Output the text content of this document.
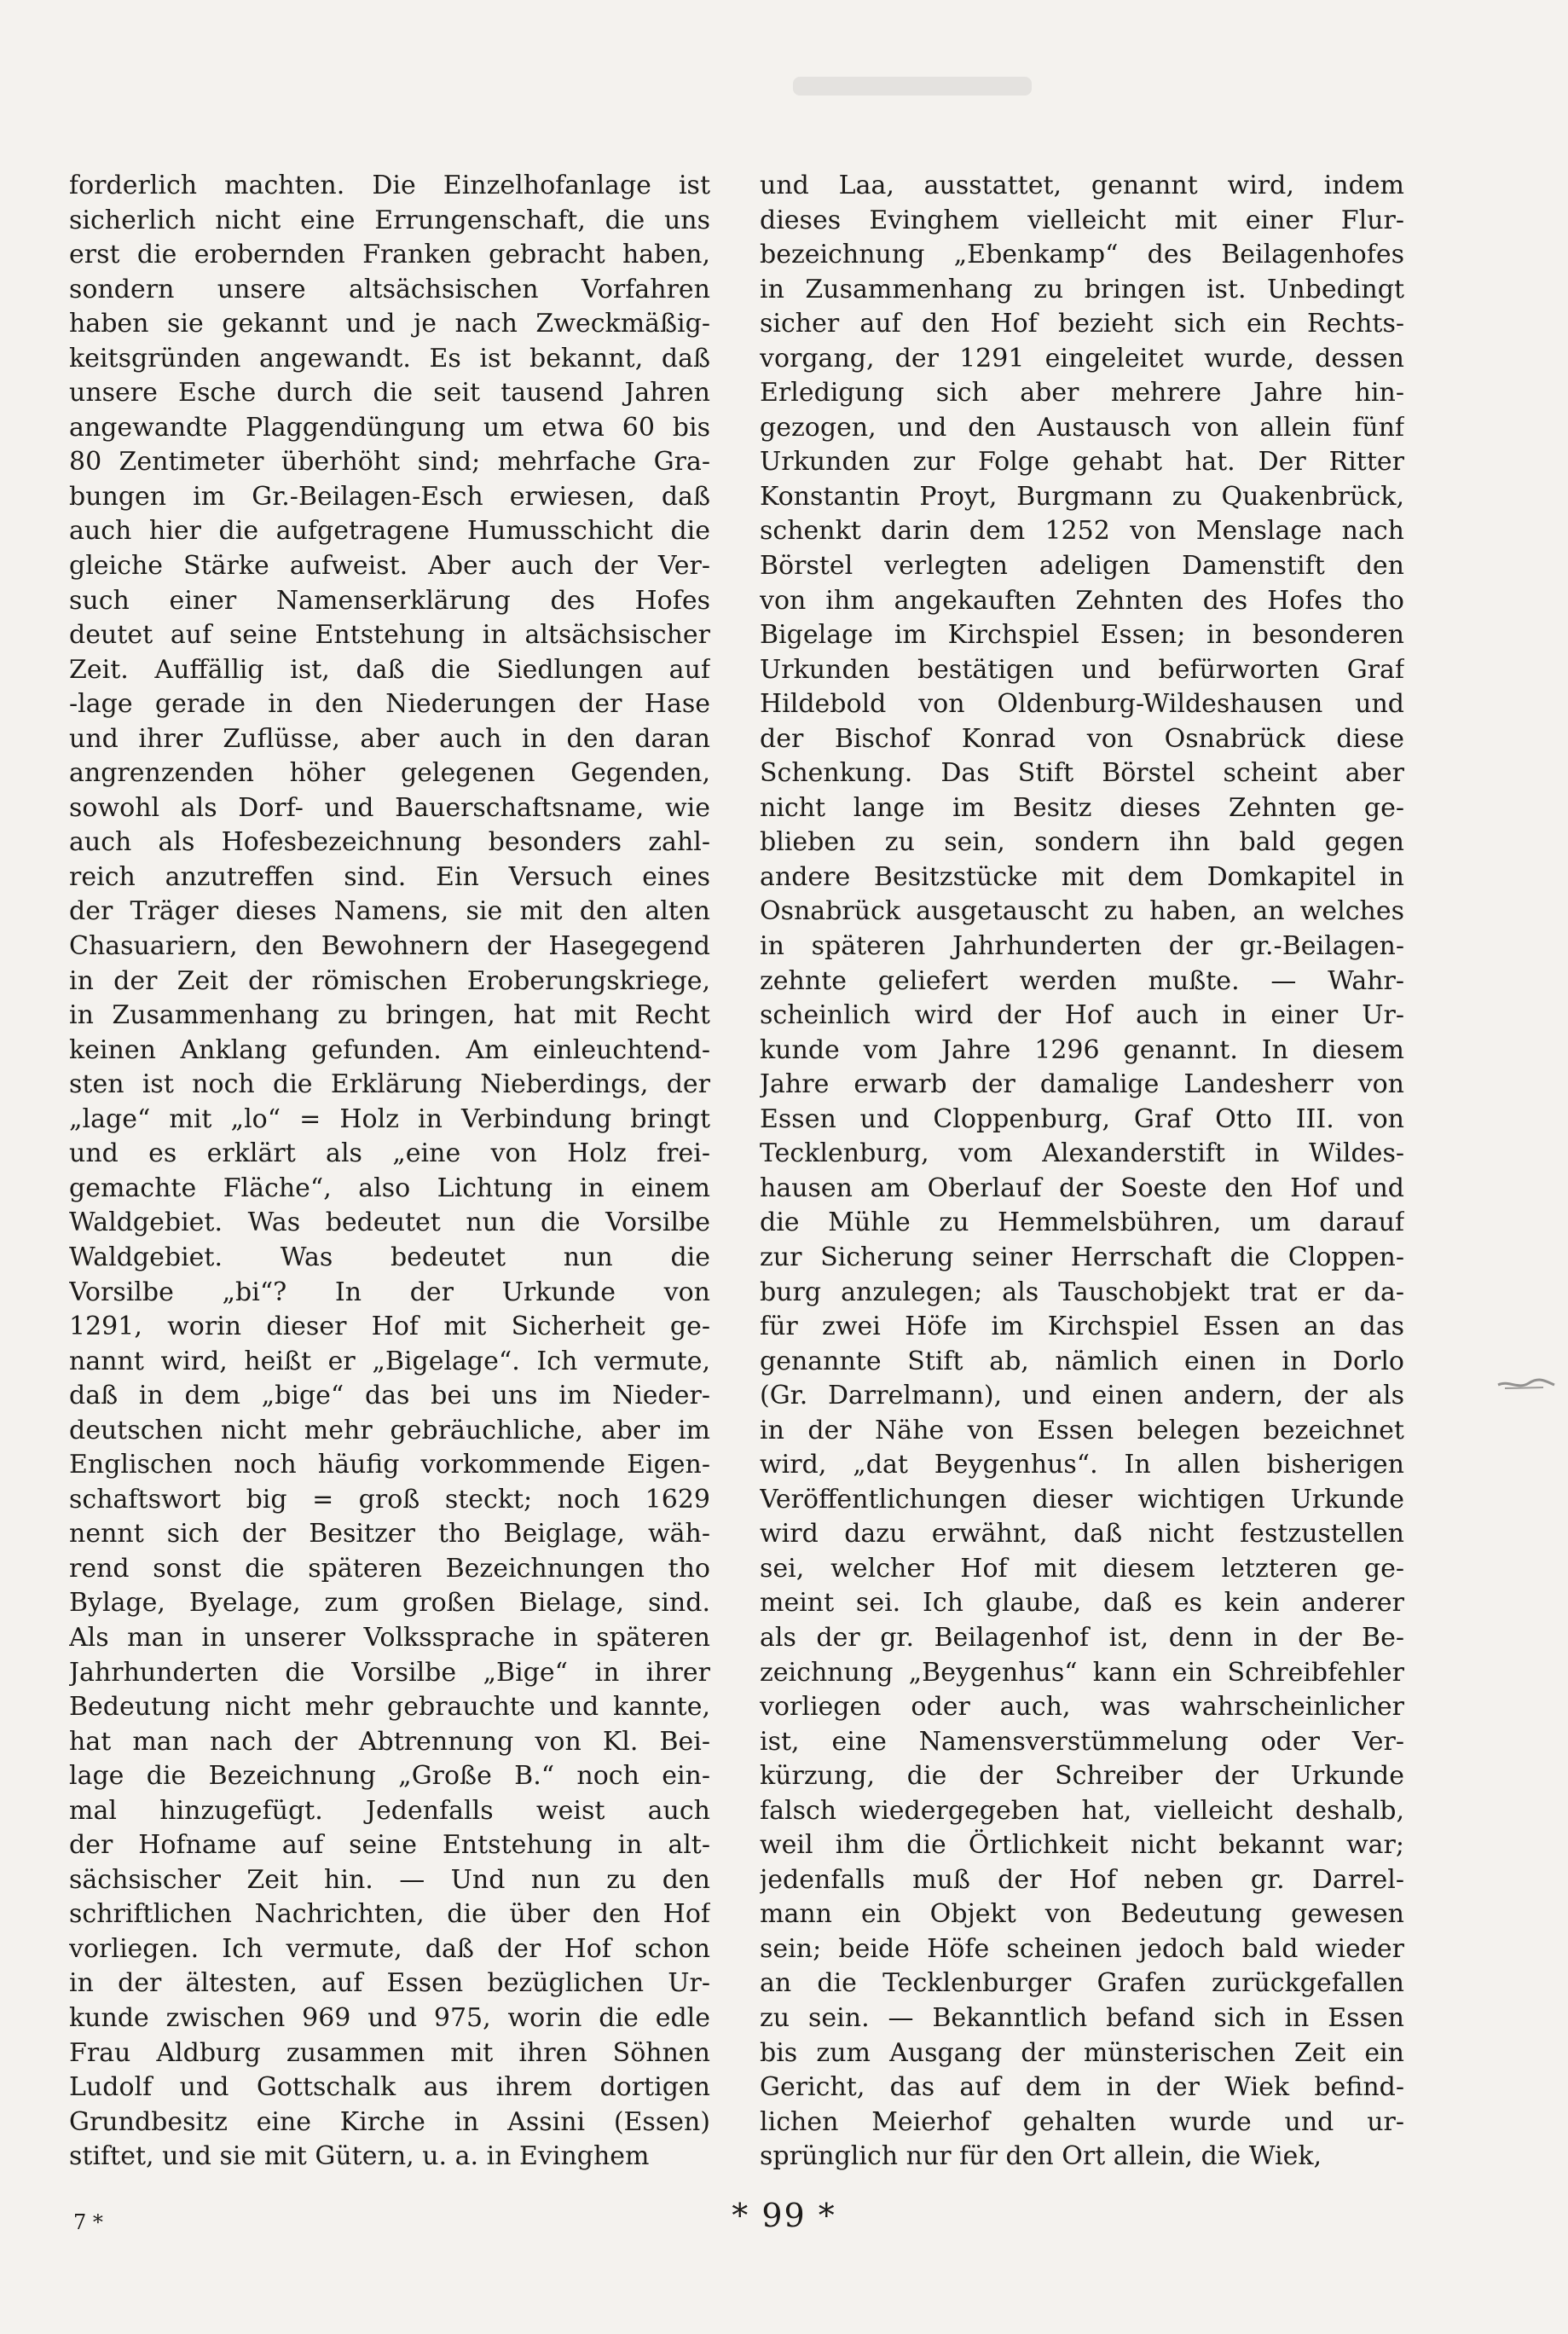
forderlich machten. Die Einzelhofanlage ist
sicherlich nicht eine Errungenschaft, die uns
erst die erobernden Franken gebracht haben,
sondern unsere altsächsischen Vorfahren
haben sie gekannt und je nach Zweckmäßig-
keitsgründen angewandt. Es ist bekannt, daß
unsere Esche durch die seit tausend Jahren
angewandte Plaggendüngung um etwa 60 bis
80 Zentimeter überhöht sind; mehrfache Gra-
bungen im Gr.-Beilagen-Esch erwiesen, daß
auch hier die aufgetragene Humusschicht die
gleiche Stärke aufweist. Aber auch der Ver-
such einer Namenserklärung des Hofes
deutet auf seine Entstehung in altsächsischer
Zeit. Auffällig ist, daß die Siedlungen auf
-lage gerade in den Niederungen der Hase
und ihrer Zuflüsse, aber auch in den daran
angrenzenden höher gelegenen Gegenden,
sowohl als Dorf- und Bauerschaftsname, wie
auch als Hofesbezeichnung besonders zahl-
reich anzutreffen sind. Ein Versuch eines
der Träger dieses Namens, sie mit den alten
Chasuariern, den Bewohnern der Hasegegend
in der Zeit der römischen Eroberungskriege,
in Zusammenhang zu bringen, hat mit Recht
keinen Anklang gefunden. Am einleuchtend-
sten ist noch die Erklärung Nieberdings, der
„lage“ mit „lo“ = Holz in Verbindung bringt
und es erklärt als „eine von Holz frei-
gemachte Fläche“, also Lichtung in einem
Waldgebiet. Was bedeutet nun die Vorsilbe
Waldgebiet. Was bedeutet nun die
Vorsilbe „bi“? In der Urkunde von
1291, worin dieser Hof mit Sicherheit ge-
nannt wird, heißt er „Bigelage“. Ich vermute,
daß in dem „bige“ das bei uns im Nieder-
deutschen nicht mehr gebräuchliche, aber im
Englischen noch häufig vorkommende Eigen-
schaftswort big = groß steckt; noch 1629
nennt sich der Besitzer tho Beiglage, wäh-
rend sonst die späteren Bezeichnungen tho
Bylage, Byelage, zum großen Bielage, sind.
Als man in unserer Volkssprache in späteren
Jahrhunderten die Vorsilbe „Bige“ in ihrer
Bedeutung nicht mehr gebrauchte und kannte,
hat man nach der Abtrennung von Kl. Bei-
lage die Bezeichnung „Große B.“ noch ein-
mal hinzugefügt. Jedenfalls weist auch
der Hofname auf seine Entstehung in alt-
sächsischer Zeit hin. — Und nun zu den
schriftlichen Nachrichten, die über den Hof
vorliegen. Ich vermute, daß der Hof schon
in der ältesten, auf Essen bezüglichen Ur-
kunde zwischen 969 und 975, worin die edle
Frau Aldburg zusammen mit ihren Söhnen
Ludolf und Gottschalk aus ihrem dortigen
Grundbesitz eine Kirche in Assini (Essen)
stiftet, und sie mit Gütern, u. a. in Evinghem
und Laa, ausstattet, genannt wird, indem
dieses Evinghem vielleicht mit einer Flur-
bezeichnung „Ebenkamp“ des Beilagenhofes
in Zusammenhang zu bringen ist. Unbedingt
sicher auf den Hof bezieht sich ein Rechts-
vorgang, der 1291 eingeleitet wurde, dessen
Erledigung sich aber mehrere Jahre hin-
gezogen, und den Austausch von allein fünf
Urkunden zur Folge gehabt hat. Der Ritter
Konstantin Proyt, Burgmann zu Quakenbrück,
schenkt darin dem 1252 von Menslage nach
Börstel verlegten adeligen Damenstift den
von ihm angekauften Zehnten des Hofes tho
Bigelage im Kirchspiel Essen; in besonderen
Urkunden bestätigen und befürworten Graf
Hildebold von Oldenburg-Wildeshausen und
der Bischof Konrad von Osnabrück diese
Schenkung. Das Stift Börstel scheint aber
nicht lange im Besitz dieses Zehnten ge-
blieben zu sein, sondern ihn bald gegen
andere Besitzstücke mit dem Domkapitel in
Osnabrück ausgetauscht zu haben, an welches
in späteren Jahrhunderten der gr.-Beilagen-
zehnte geliefert werden mußte. — Wahr-
scheinlich wird der Hof auch in einer Ur-
kunde vom Jahre 1296 genannt. In diesem
Jahre erwarb der damalige Landesherr von
Essen und Cloppenburg, Graf Otto III. von
Tecklenburg, vom Alexanderstift in Wildes-
hausen am Oberlauf der Soeste den Hof und
die Mühle zu Hemmelsbühren, um darauf
zur Sicherung seiner Herrschaft die Cloppen-
burg anzulegen; als Tauschobjekt trat er da-
für zwei Höfe im Kirchspiel Essen an das
genannte Stift ab, nämlich einen in Dorlo
(Gr. Darrelmann), und einen andern, der als
in der Nähe von Essen belegen bezeichnet
wird, „dat Beygenhus“. In allen bisherigen
Veröffentlichungen dieser wichtigen Urkunde
wird dazu erwähnt, daß nicht festzustellen
sei, welcher Hof mit diesem letzteren ge-
meint sei. Ich glaube, daß es kein anderer
als der gr. Beilagenhof ist, denn in der Be-
zeichnung „Beygenhus“ kann ein Schreibfehler
vorliegen oder auch, was wahrscheinlicher
ist, eine Namensverstümmelung oder Ver-
kürzung, die der Schreiber der Urkunde
falsch wiedergegeben hat, vielleicht deshalb,
weil ihm die Örtlichkeit nicht bekannt war;
jedenfalls muß der Hof neben gr. Darrel-
mann ein Objekt von Bedeutung gewesen
sein; beide Höfe scheinen jedoch bald wieder
an die Tecklenburger Grafen zurückgefallen
zu sein. — Bekanntlich befand sich in Essen
bis zum Ausgang der münsterischen Zeit ein
Gericht, das auf dem in der Wiek befind-
lichen Meierhof gehalten wurde und ur-
sprünglich nur für den Ort allein, die Wiek,
7 *	* 99 *
